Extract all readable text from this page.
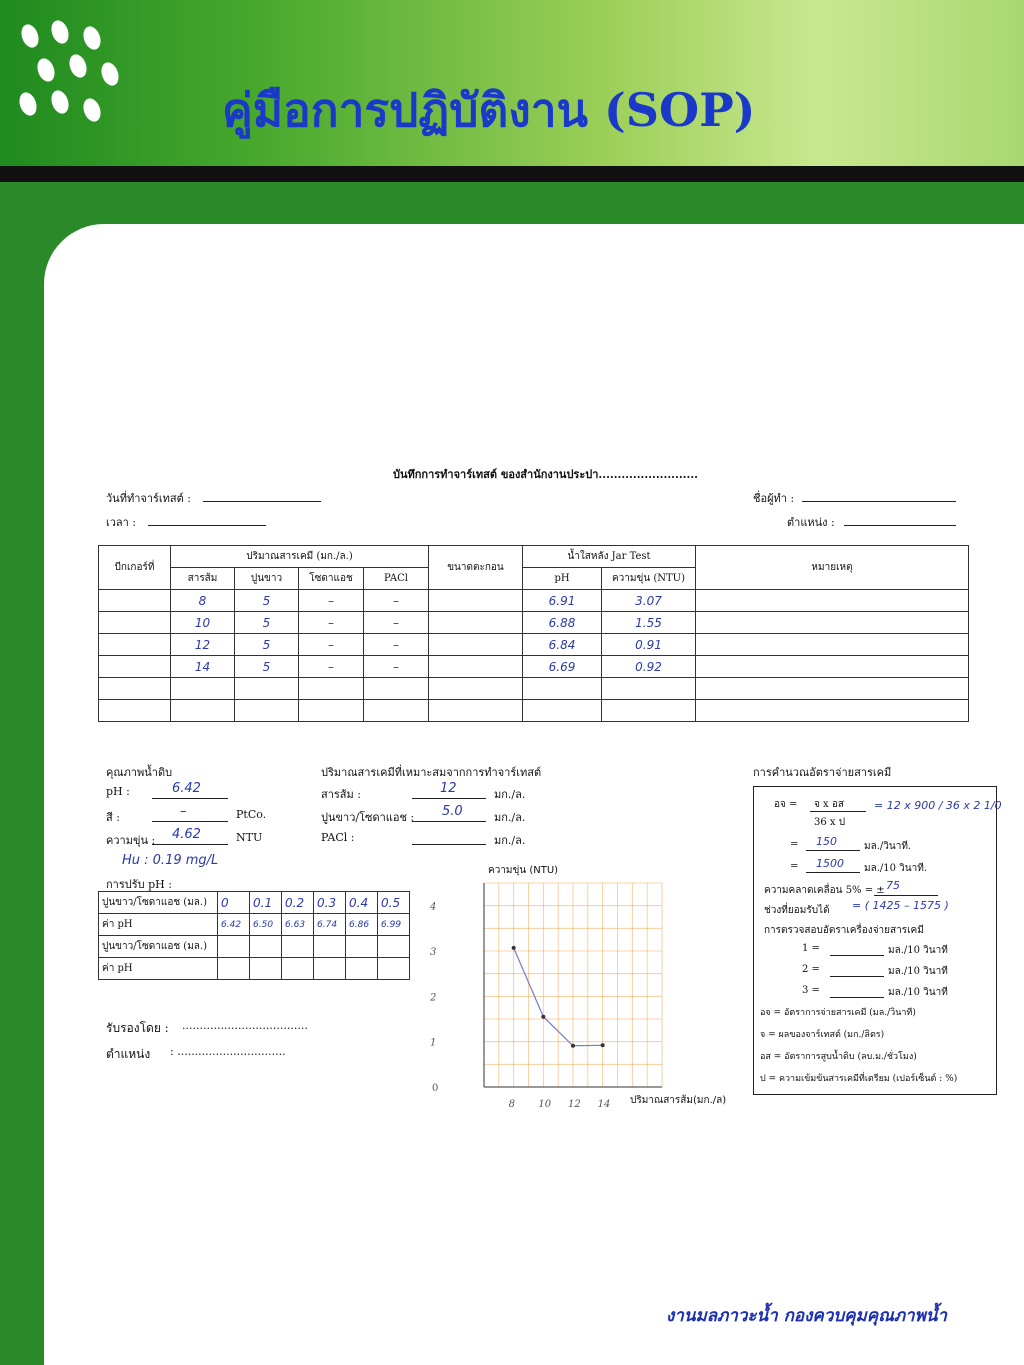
คู่มือการปฏิบัติงาน (SOP)
บันทึกการทำจาร์เทสต์ ของสำนักงานประปา..........................
วันที่ทำจาร์เทสต์ :
เวลา :
ชื่อผู้ทำ :
ตำแหน่ง :
บีกเกอร์ที่	ปริมาณสารเคมี (มก./ล.)				ขนาดตะกอน	น้ำใสหลัง Jar Test		หมายเหตุ
	สารส้ม	ปูนขาว	โซดาแอช	PACl		pH	ความขุ่น (NTU)	
	8	5	–	–		6.91	3.07	
	10	5	–	–		6.88	1.55	
	12	5	–	–		6.84	0.91	
	14	5	–	–		6.69	0.92	

คุณภาพน้ำดิบ
pH :	6.42
สี :	–	PtCo.
ความขุ่น : 4.62	NTU
Hu : 0.19 mg/L
การปรับ pH :
ปูนขาว/โซดาแอช (มล.)	0	0.1	0.2	0.3	0.4	0.5
ค่า pH	6.42	6.50	6.63	6.74	6.86	6.99
ปูนขาว/โซดาแอช (มล.)						
ค่า pH						
รับรองโดย : ....................................
ตำแหน่ง : ...............................
ปริมาณสารเคมีที่เหมาะสมจากการทำจาร์เทสต์
สารส้ม :	12	มก./ล.
ปูนขาว/โซดาแอช : 5.0	มก./ล.
PACl :	มก./ล.
ความขุ่น (NTU)
ปริมาณสารส้ม(มก./ล)
0
1
2
3
4
8 10 12 14
การคำนวณอัตราจ่ายสารเคมี
อจ = จ x อส
36 x ป
= 12 x 900 / 36 x 2 1/0
= 150	มล./วินาที.
= 1500 มล./10 วินาที.
ความคลาดเคลื่อน 5% = ± 75
ช่วงที่ยอมรับได้ = ( 1425 – 1575 )
การตรวจสอบอัตราเครื่องจ่ายสารเคมี
1 =	มล./10 วินาที
2 =	มล./10 วินาที
3 =	มล./10 วินาที
อจ = อัตราการจ่ายสารเคมี (มล./วินาที)
จ = ผลของจาร์เทสต์ (มก./ลิตร)
อส = อัตราการสูบน้ำดิบ (ลบ.ม./ชั่วโมง)
ป = ความเข้มข้นสารเคมีที่เตรียม (เปอร์เซ็นต์ : %)
งานมลภาวะน้ำ กองควบคุมคุณภาพน้ำ
